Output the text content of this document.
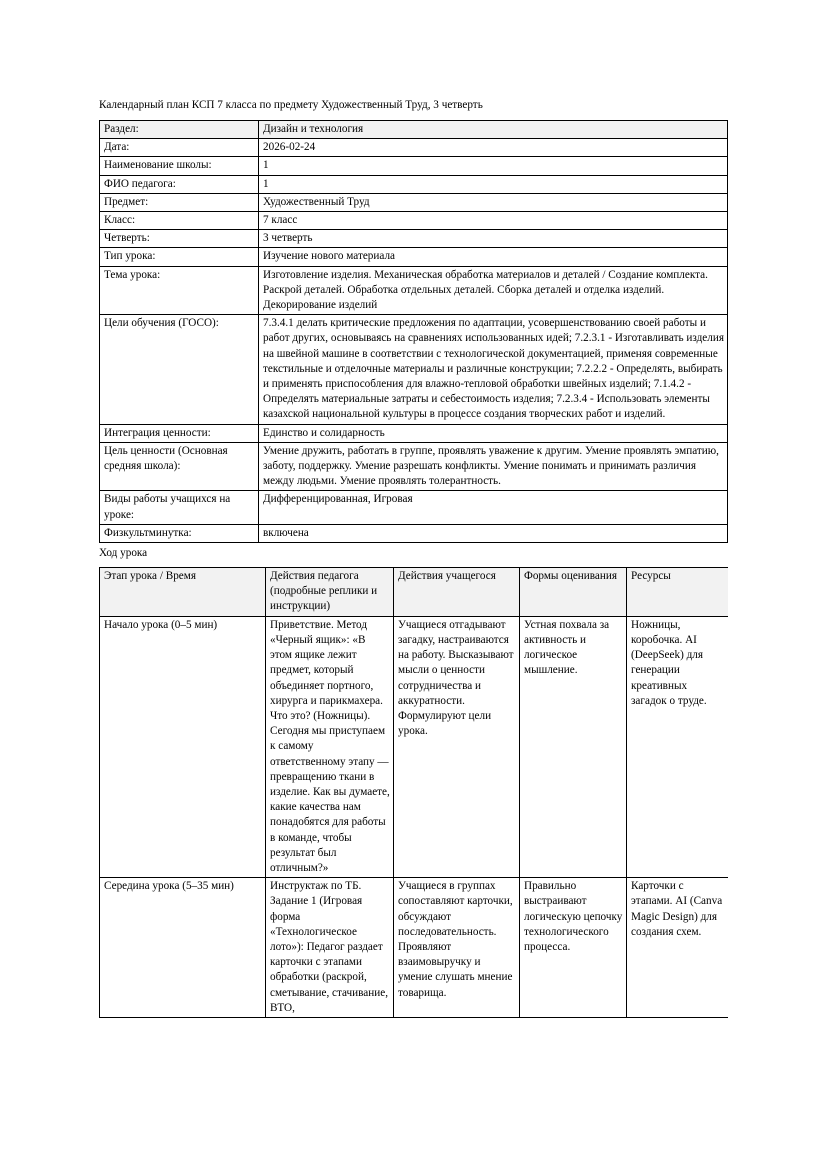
Календарный план КСП 7 класса по предмету Художественный Труд, 3 четверть

Раздел:	Дизайн и технология
Дата:	2026-02-24
Наименование школы:	1
ФИО педагога:	1
Предмет:	Художественный Труд
Класс:	7 класс
Четверть:	3 четверть
Тип урока:	Изучение нового материала
Тема урока:	Изготовление изделия. Механическая обработка материалов и деталей / Создание комплекта. Раскрой деталей. Обработка отдельных деталей. Сборка деталей и отделка изделий. Декорирование изделий
Цели обучения (ГОСО):	7.3.4.1 делать критические предложения по адаптации, усовершенствованию своей работы и работ других, основываясь на сравнениях использованных идей; 7.2.3.1 - Изготавливать изделия на швейной машине в соответствии с технологической документацией, применяя современные текстильные и отделочные материалы и различные конструкции; 7.2.2.2 - Определять, выбирать и применять приспособления для влажно-тепловой обработки швейных изделий; 7.1.4.2 - Определять материальные затраты и себестоимость изделия; 7.2.3.4 - Использовать элементы казахской национальной культуры в процессе создания творческих работ и изделий.
Интеграция ценности:	Единство и солидарность
Цель ценности (Основная средняя школа):	Умение дружить, работать в группе, проявлять уважение к другим. Умение проявлять эмпатию, заботу, поддержку. Умение разрешать конфликты. Умение понимать и принимать различия между людьми. Умение проявлять толерантность.
Виды работы учащихся на уроке:	Дифференцированная, Игровая
Физкультминутка:	включена

Ход урока

Этап урока / Время	Действия педагога (подробные реплики и инструкции)	Действия учащегося	Формы оценивания	Ресурсы
Начало урока (0–5 мин)	Приветствие. Метод «Черный ящик»: «В этом ящике лежит предмет, который объединяет портного, хирурга и парикмахера. Что это? (Ножницы). Сегодня мы приступаем к самому ответственному этапу — превращению ткани в изделие. Как вы думаете, какие качества нам понадобятся для работы в команде, чтобы результат был отличным?»	Учащиеся отгадывают загадку, настраиваются на работу. Высказывают мысли о ценности сотрудничества и аккуратности. Формулируют цели урока.	Устная похвала за активность и логическое мышление.	Ножницы, коробочка. AI (DeepSeek) для генерации креативных загадок о труде.
Середина урока (5–35 мин)	Инструктаж по ТБ. Задание 1 (Игровая форма «Технологическое лото»): Педагог раздает карточки с этапами обработки (раскрой, сметывание, стачивание, ВТО,	Учащиеся в группах сопоставляют карточки, обсуждают последовательность. Проявляют взаимовыручку и умение слушать мнение товарища.	Правильно выстраивают логическую цепочку технологического процесса.	Карточки с этапами. AI (Canva Magic Design) для создания схем.
